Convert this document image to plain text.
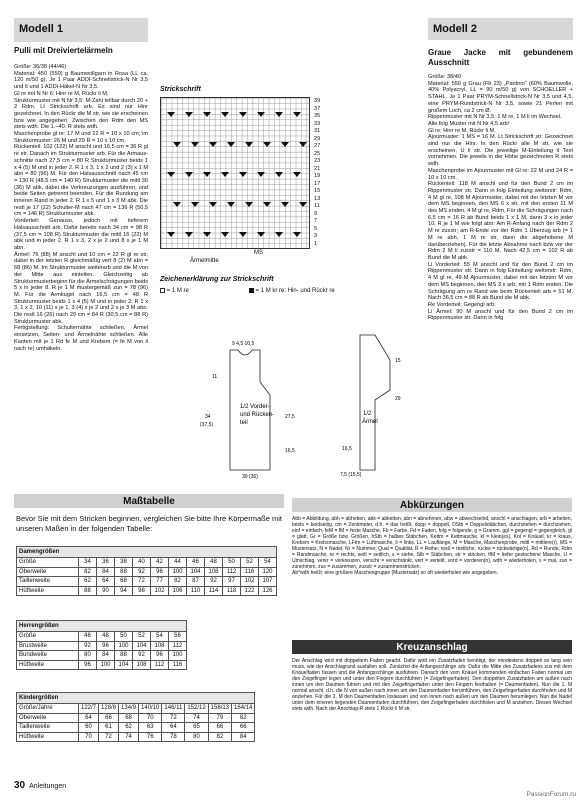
Modell 1
Pulli mit Dreiviertelärmeln
Größe: 36/38 (44/46)
Material: 450 (550) g Baumwollgarn in Rosa (LL ca. 120 m/50 g). Je 1 Paar ADDI-Schnellstrick-N Nr 3,5 und 6 und 1 ADDI-Häkel-N Nr 3,5.
Gl re mit N Nr 6: Hinr re M, Rückr li M.
Strukturmuster mit N Nr 3,5: M-Zahl teilbar durch 20 + 2 Rdm. Lt Strickschrift arb. Es sind nur Hinr gezeichnet. In den Rückr die M str, wie sie erscheinen bzw wie angegeben. Zwischen den Rdm den MS stets wdh. Die 1.–40. R stets wdh.
Maschenprobe gl re: 17 M und 22 R = 10 x 10 cm; im Strukturmuster: 26 M und 29 R = 10 x 10 cm.
Rückenteil: 102 (122) M anschl und 16,5 cm = 36 R gl re str. Danach im Strukturmuster arb. Für die Armaus-schnitte nach 27,5 cm = 80 R Strukturmuster beids 1 x 4 (5) M und in jeder 2. R 1 x 3, 1 x 2 und 2 (3) x 1 M abn = 80 (96) M. Für den Halsausschnitt nach 45 cm = 130 R (48,5 cm = 140 R) Strukturmuster die mittl 30 (36) M abk, dabei die Verkreuzungen ausführen, und beide Seiten getrennt beenden. Für die Rundung am inneren Rand in jeder 2. R 1 x 5 und 1 x 3 M abk. Die restl je 17 (22) Schulter-M nach 47 cm = 136 R (50,5 cm = 146 R) Strukturmuster abk.
Vorderteil: Genauso, jedoch mit tieferem Halsausschnitt arb. Dafür bereits nach 34 cm = 98 R (37,5 cm = 108 R) Strukturmuster die mittl 16 (22) M abk und in jeder 2. R 1 x 3, 2 x je 2 und 8 x je 1 M abn.
Ärmel: 76 (88) M anschl und 10 cm = 22 R gl re str, dabei in der letzten R gleichmäßig vert 8 (2) M abn = 68 (86) M. Im Strukturmuster weiterarb und die M von der Mitte aus einteilen. Gleichzeitig ab Strukturmusterbeginn für die Ärmelschrägungen beids 5 x in jeder 8. R je 1 M mustergemäß zun = 78 (96) M. Für die Armkugel nach 16,5 cm = 48 R Strukturmuster beids 1 x 4 (5) M und in jeder 2. R 1 x 3, 1 x 2, 10 (11) x je 1, 3 (4) x je 2 und 2 x je 3 M abn. Die restl 16 (26) nach 29 cm = 84 R (30,5 cm = 88 R) Strukturmuster abk.
Fertigstellung: Schulternähte schließen. Ärmel einsetzen, Seiten- und Ärmelnähte schließen. Alle Kanten mit je 1 Rd fe M und Krebsm (= fe M von li nach re) umhäkeln.
Strickschrift
39
37
35
33
31
29
27
25
23
21
19
17
15
13
11
9
7
5
3
1
MS
Ärmelmitte
Zeichenerklärung zur Strickschrift
= 1 M re	= 1 M kr re: Hin- und Rückr re
1/2 Vorder-
und Rücken-
teil
1/2
Ärmel
9 4,5 10,5
11
34
(37,5)
27,5
16,5
30 (36)
15
29
16,5
7,5 (15,5)
Modell 2
Graue Jacke mit gebundenem Ausschnitt
Größe: 38/40
Material: 550 g Grau (Fb 23) „Pantino" (60% Baumwolle, 40% Polyacryl, LL = 90 m/50 g) von SCHOELLER + STAHL. Je 1 Paar PRYM-Schnellstrick-N Nr 3,5 und 4,5, eine PRYM-Rundstrick-N Nr 3,5, sowie 21 Perlen mit großem Loch, ca 2 cm Ø.
Rippenmuster mit N Nr 3,5: 1 M re, 1 M li im Wechsel.
Alle folg Muster mit N Nr 4,5 arb!
Gl re: Hinr re M, Rückr li M.
Ajourmuster: 1 MS = 16 M. Lt Strickschrift str. Gezeichnet sind nur die Hinr. In den Rückr alle M str, wie sie erscheinen, U li str. Die jeweilige M-Einteilung lt Text vornehmen. Die jeweils in der Höhe gezeichneten R stets wdh.
Maschenprobe im Ajourmuster mit Gl re: 22 M und 24 R = 10 x 10 cm.
Rückenteil: 118 M anschl und für den Bund 2 cm im Rippenmuster str. Dann in folg Einteilung weiterstr: Rdm, 4 M gl re, 108 M Ajourmuster, dabei mit der letzten M vor dem MS beginnen, den MS 6 x str, mit den ersten 11 M des MS enden, 4 M gl re, Rdm. Für die Schrägungen nach 6,5 cm = 16 R ab Bund beids 1 x 1 M, dann 3 x in jeder 10. R je 1 M wie folgt abn: Am R-Anfang nach der Rdm 2 M re zusstr; am R-Ende vor der Rdm 1 Überzug arb (= 1 M re abh, 1 M re str, dann die abgehobene M darüberziehen). Für die letzte Abnahme nach bzw vor der Rdm 2 M li zusstr = 110 M. Nach 42,5 cm = 102 R ab Bund die M abk.
Li Vorderteil: 55 M anschl und für den Bund 2 cm im Rippenmuster str. Dann in folg Einteilung weiterstr: Rdm, 4 M gl re, 49 M Ajourmuster, dabei mit der letzten M vor dem MS beginnen, den MS 3 x arb, mit 1 Rdm enden. Die Schrägung am re Rand wie beim Rückenteil arb = 51 M. Nach 36,5 cm = 88 R ab Bund die M abk.
Re Vorderteil: Gegengl arb.
Li Ärmel: 90 M anschl und für den Bund 2 cm im Rippenmuster str. Dann in folg
Maßtabelle
Bevor Sie mit dem Stricken beginnen, vergleichen Sie bitte Ihre Körpermaße mit unseren Maßen in der folgenden Tabelle:
Damengrößen
Größe	34	36	38	40	42	44	46	48	50	52	54
Oberweite	82	84	88	92	96	100	104	108	112	116	120
Taillenweite	62	64	68	72	77	82	87	92	97	102	107
Hüftweite	88	90	94	98	102	106	110	114	118	122	126
Herrengrößen
Größe	46	48	50	52	54	56
Brustweite	92	96	100	104	108	112
Bundweite	80	84	88	92	96	100
Hüftweite	96	100	104	108	112	116
Kindergrößen
Größe/Jahre	122/7	128/8	134/9	140/10	146/11	152/12	158/13	164/14
Oberweite	64	66	68	70	72	74	79	82
Taillenweite	60	61	62	63	64	65	66	66
Hüftweite	70	72	74	76	78	80	82	84
Abkürzungen
Abb = Abbildung, abh = abheben, abk = abketten, abn = abnehmen, abw = abwechselnd, anschl = anschlagen, arb = arbeiten, beids = beidseitig, cm = Zentimeter, d.h. = das heißt, dopp = doppelt, DStb = Doppelstäbchen, durchziehen = durchziehen, einf = einfach, feM = fM = feste Masche, Fb = Farbe, Fd = Faden, folg = folgende, g = Gramm, ggl = gegengl = gegengleich, gl = glatt, Gr = Größe bzw. Größen, hStb = halbes Stäbchen, Kettm = Kettmasche, kl = klein(es), Knl = Knäuel, kr = kraus, Krebsm = Krebsmasche, LFtm = Luftmasche, li = links, LL = Lauflänge, M = Masche, Maschenprobe, mittl = mittlere(r), MS = Mustersatz, N = Nadel, Nr = Nummer, Qual = Qualität, R = Reihe, restl = restliche, rückw = rückwärtige(n), Rd = Runde, Rdm = Randmasche, re = rechts, seitl = seitlich, s = siehe, Stb = Stäbchen, str = stricken, tfM = tiefer gestochene Masche, U = Umschlag, verkr = verkreuzen, verschr = verschränkt, vert = verteilt, vord = vorderen(n), wdh = wiederholen, x = mal, zun = zunehmen, zus = zusammen, zusstr = zusammenstricken.
Ab*wdh heißt: eine größere Maschengruppe (Mustersatz) so oft wiederholen wie angegeben.
Kreuzanschlag
Der Anschlag wird mit doppeltem Faden gearbt. Dafür wird ein Zusatzfaden benötigt, der mindestens doppelt so lang sein muss, wie der Anschlagrand ausfallen soll. Zunächst die Anfangsschlinge arb: Dafür die Mitte des Zusatzfadens zus mit dem Knäuelfaden fassen und die Anfangsschlinge ausführen. Danach den vom Knäuel kommenden einfachen Faden normal um den Zeigefinger legen und unter den Fingern durchführen (= Zeigefingerfaden). Den doppelten Zusatzfaden um außen nach innen um den Daumen führen und mit den Zeigefingerfaden unter den Fingern festhalten (= Daumenfaden). Nun die 1. M normal anschl, d.h. die N von außen nach innen um den Daumenfaden herumführen, den Zeigefingerfaden durchholen und M anziehen. Für die 2. M den Daumenfaden loslassen und von innen nach außen um den Daumen herumlegen. Nun die Nadel unter dem inneren liegenden Daumenfaden durchführen, den Zeigefingerfaden durchholen und M anziehen. Diesen Wechsel stets wdh. Nach der Anschlag-R stets 1 Rückr li M str.
30 Anleitungen
PassionForum.ru
